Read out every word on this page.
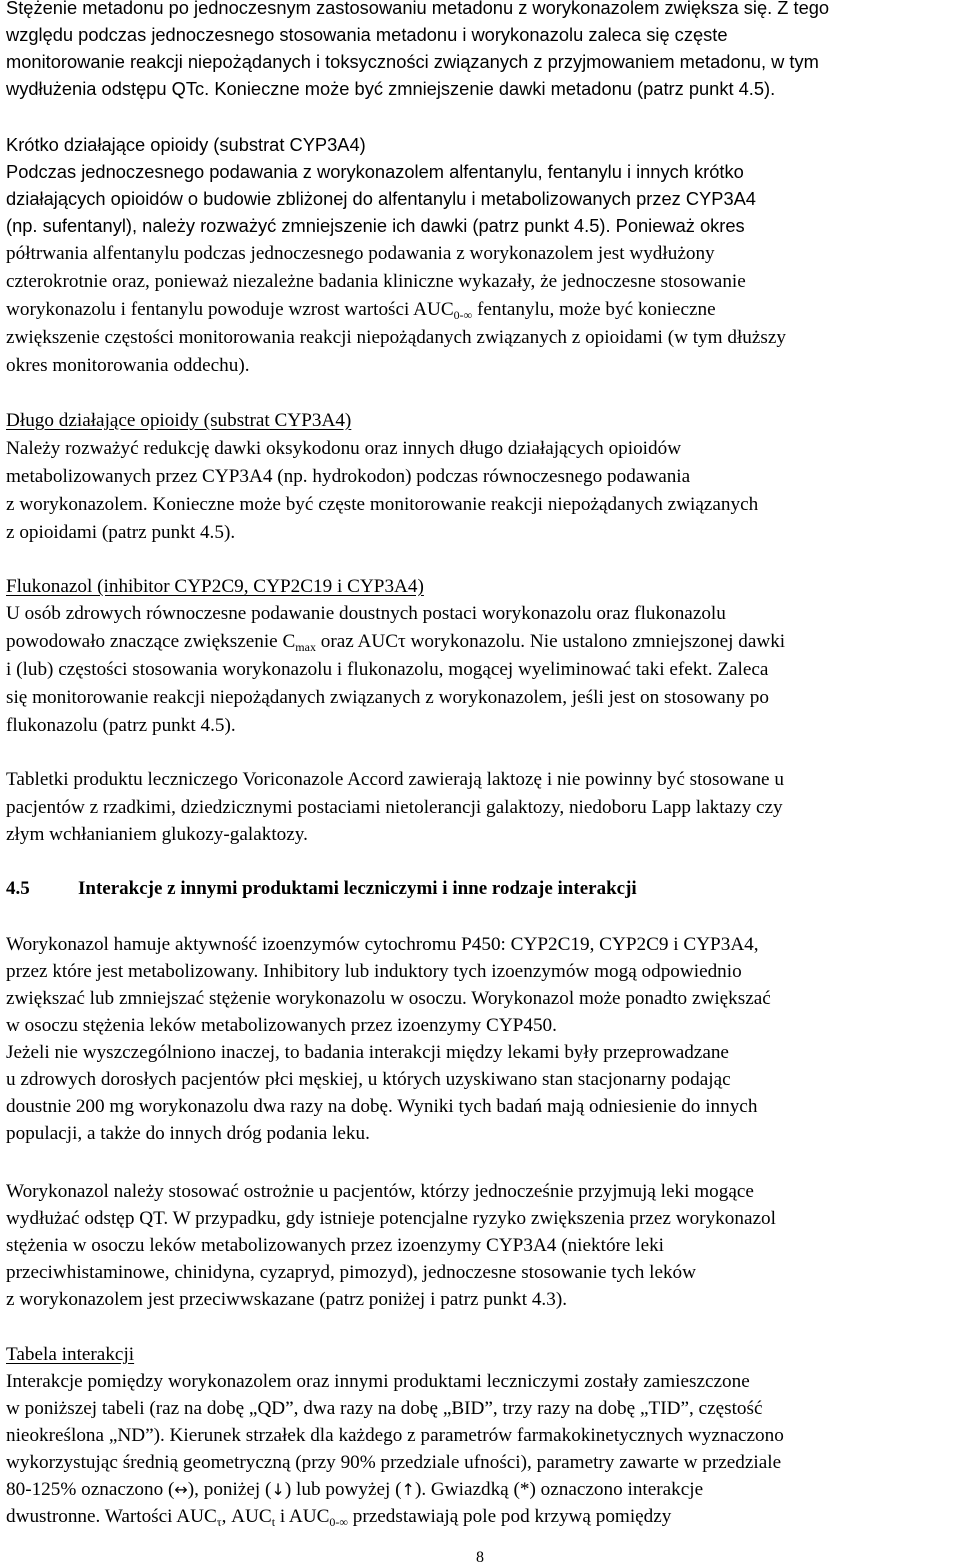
Stężenie metadonu po jednoczesnym zastosowaniu metadonu z worykonazolem zwiększa się. Z tego
względu podczas jednoczesnego stosowania metadonu i worykonazolu zaleca się częste
monitorowanie reakcji niepożądanych i toksyczności związanych z przyjmowaniem metadonu, w tym
wydłużenia odstępu QTc. Konieczne może być zmniejszenie dawki metadonu (patrz punkt 4.5).
Krótko działające opioidy (substrat CYP3A4)
Podczas jednoczesnego podawania z worykonazolem alfentanylu, fentanylu i innych krótko
działających opioidów o budowie zbliżonej do alfentanylu i metabolizowanych przez CYP3A4
(np. sufentanyl), należy rozważyć zmniejszenie ich dawki (patrz punkt 4.5). Ponieważ okres
półtrwania alfentanylu podczas jednoczesnego podawania z worykonazolem jest wydłużony
czterokrotnie oraz, ponieważ niezależne badania kliniczne wykazały, że jednoczesne stosowanie
worykonazolu i fentanylu powoduje wzrost wartości $AUC_{0-\infty}$ fentanylu, może być konieczne
zwiększenie częstości monitorowania reakcji niepożądanych związanych z opioidami (w tym dłuższy
okres monitorowania oddechu).
Długo działające opioidy (substrat CYP3A4)
Należy rozważyć redukcję dawki oksykodonu oraz innych długo działających opioidów
metabolizowanych przez CYP3A4 (np. hydrokodon) podczas równoczesnego podawania
z worykonazolem. Konieczne może być częste monitorowanie reakcji niepożądanych związanych
z opioidami (patrz punkt 4.5).
Flukonazol (inhibitor CYP2C9, CYP2C19 i CYP3A4)
U osób zdrowych równoczesne podawanie doustnych postaci worykonazolu oraz flukonazolu
powodowało znaczące zwiększenie $C_{max}$ oraz AUCτ worykonazolu. Nie ustalono zmniejszonej dawki
i (lub) częstości stosowania worykonazolu i flukonazolu, mogącej wyeliminować taki efekt. Zaleca
się monitorowanie reakcji niepożądanych związanych z worykonazolem, jeśli jest on stosowany po
flukonazolu (patrz punkt 4.5).
Tabletki produktu leczniczego Voriconazole Accord zawierają laktozę i nie powinny być stosowane u
pacjentów z rzadkimi, dziedzicznymi postaciami nietolerancji galaktozy, niedoboru Lapp laktazy czy
złym wchłanianiem glukozy-galaktozy.
4.5	Interakcje z innymi produktami leczniczymi i inne rodzaje interakcji
Worykonazol hamuje aktywność izoenzymów cytochromu P450: CYP2C19, CYP2C9 i CYP3A4,
przez które jest metabolizowany. Inhibitory lub induktory tych izoenzymów mogą odpowiednio
zwiększać lub zmniejszać stężenie worykonazolu w osoczu. Worykonazol może ponadto zwiększać
w osoczu stężenia leków metabolizowanych przez izoenzymy CYP450.
Jeżeli nie wyszczególniono inaczej, to badania interakcji między lekami były przeprowadzane
u zdrowych dorosłych pacjentów płci męskiej, u których uzyskiwano stan stacjonarny podając
doustnie 200 mg worykonazolu dwa razy na dobę. Wyniki tych badań mają odniesienie do innych
populacji, a także do innych dróg podania leku.
Worykonazol należy stosować ostrożnie u pacjentów, którzy jednocześnie przyjmują leki mogące
wydłużać odstęp QT. W przypadku, gdy istnieje potencjalne ryzyko zwiększenia przez worykonazol
stężenia w osoczu leków metabolizowanych przez izoenzymy CYP3A4 (niektóre leki
przeciwhistaminowe, chinidyna, cyzapryd, pimozyd), jednoczesne stosowanie tych leków
z worykonazolem jest przeciwwskazane (patrz poniżej i patrz punkt 4.3).
Tabela interakcji
Interakcje pomiędzy worykonazolem oraz innymi produktami leczniczymi zostały zamieszczone
w poniższej tabeli (raz na dobę „QD”, dwa razy na dobę „BID”, trzy razy na dobę „TID”, częstość
nieokreślona „ND”). Kierunek strzałek dla każdego z parametrów farmakokinetycznych wyznaczono
wykorzystując średnią geometryczną (przy 90% przedziale ufności), parametry zawarte w przedziale
80-125% oznaczono (↔), poniżej (↓) lub powyżej (↑). Gwiazdką (*) oznaczono interakcje
dwustronne. Wartości $AUC_\tau$, $AUC_t$ i $AUC_{0-\infty}$ przedstawiają pole pod krzywą pomiędzy
8
